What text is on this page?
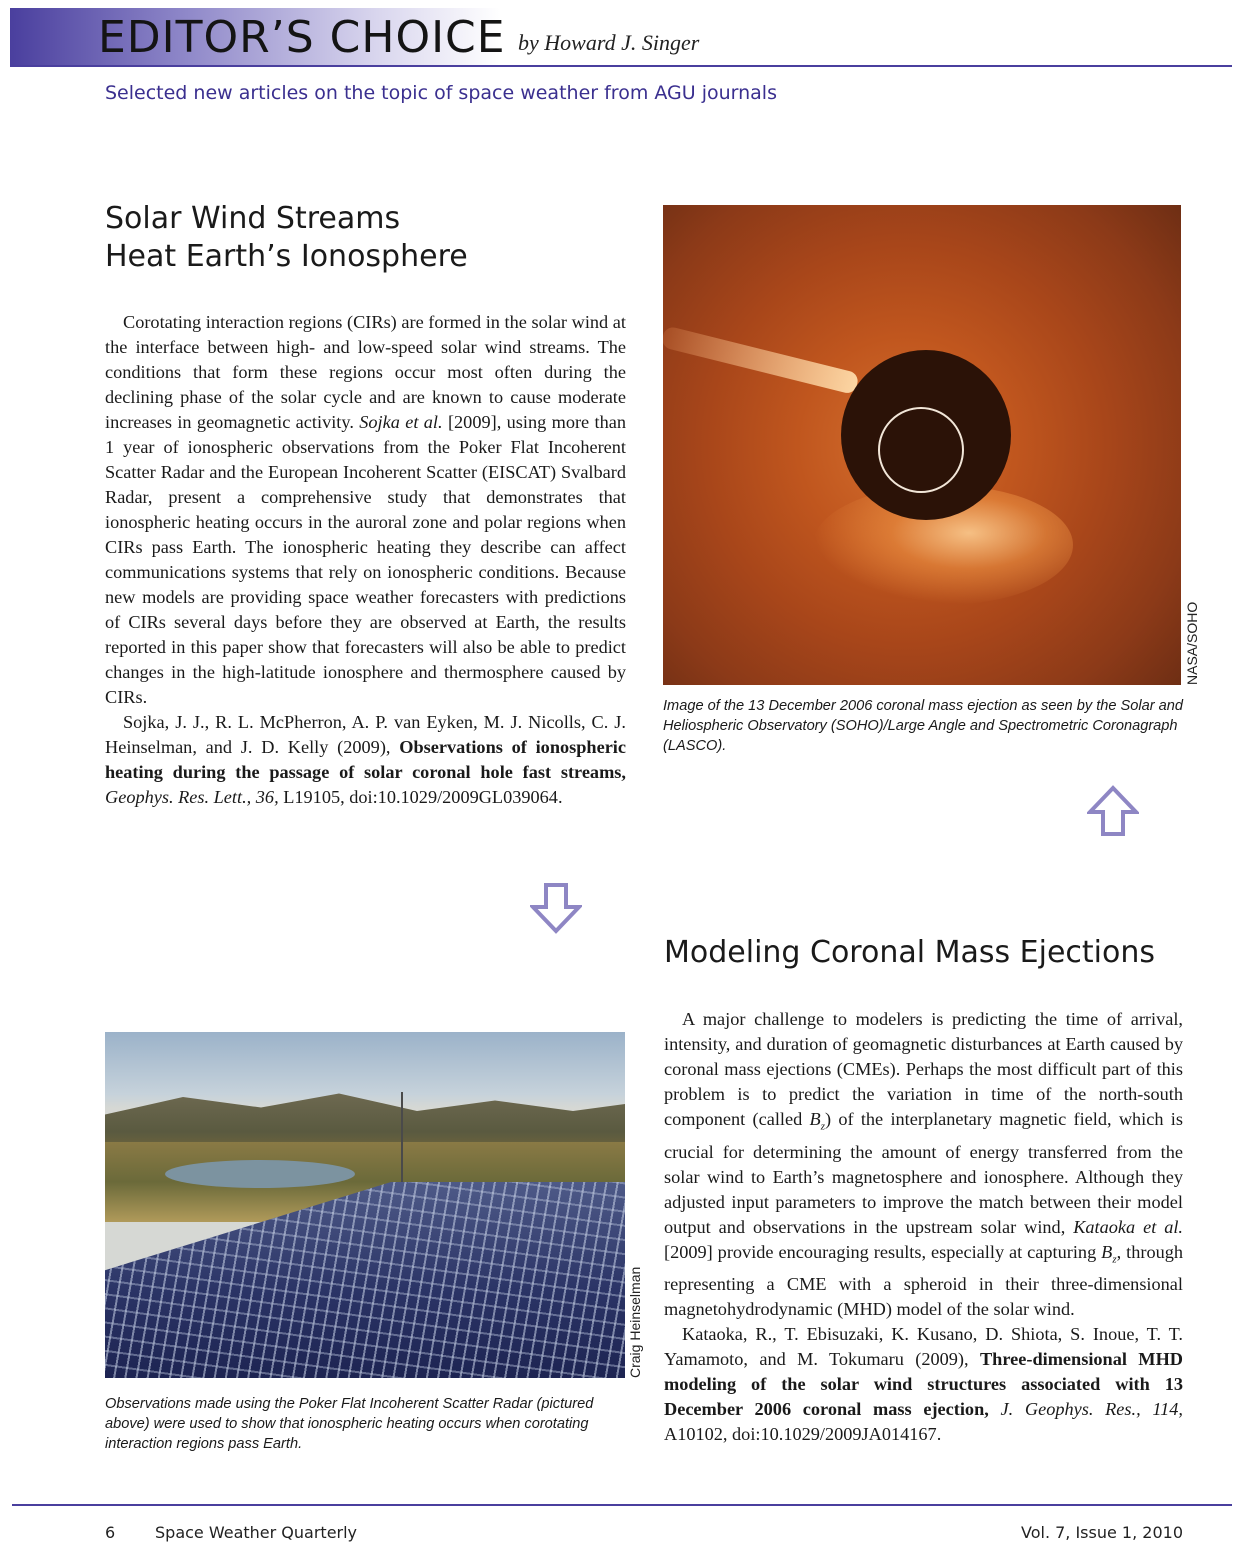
EDITOR’S CHOICE by Howard J. Singer
Selected new articles on the topic of space weather from AGU journals
Solar Wind Streams
Heat Earth’s Ionosphere

Corotating interaction regions (CIRs) are formed in the solar wind at the interface between high- and low-speed solar wind streams. The conditions that form these regions occur most often during the declining phase of the solar cycle and are known to cause moderate increases in geomagnetic activity. Sojka et al. [2009], using more than 1 year of ionospheric observations from the Poker Flat Incoherent Scatter Radar and the European Incoherent Scatter (EISCAT) Svalbard Radar, present a comprehensive study that demonstrates that ionospheric heating occurs in the auroral zone and polar regions when CIRs pass Earth. The ionospheric heating they describe can affect communications systems that rely on ionospheric conditions. Because new models are providing space weather forecasters with predictions of CIRs several days before they are observed at Earth, the results reported in this paper show that forecasters will also be able to predict changes in the high-latitude ionosphere and thermosphere caused by CIRs.

Sojka, J. J., R. L. McPherron, A. P. van Eyken, M. J. Nicolls, C. J. Heinselman, and J. D. Kelly (2009), Observations of ionospheric heating during the passage of solar coronal hole fast streams, Geophys. Res. Lett., 36, L19105, doi:10.1029/2009GL039064.

NASA/SOHO
Image of the 13 December 2006 coronal mass ejection as seen by the Solar and Heliospheric Observatory (SOHO)/Large Angle and Spectrometric Coronagraph (LASCO).
Craig Heinselman
Observations made using the Poker Flat Incoherent Scatter Radar (pictured above) were used to show that ionospheric heating occurs when corotating interaction regions pass Earth.
Modeling Coronal Mass Ejections

A major challenge to modelers is predicting the time of arrival, intensity, and duration of geomagnetic disturbances at Earth caused by coronal mass ejections (CMEs). Perhaps the most difficult part of this problem is to predict the variation in time of the north-south component (called $B_z$) of the interplanetary magnetic field, which is crucial for determining the amount of energy transferred from the solar wind to Earth’s magnetosphere and ionosphere. Although they adjusted input parameters to improve the match between their model output and observations in the upstream solar wind, Kataoka et al. [2009] provide encouraging results, especially at capturing $B_z$, through representing a CME with a spheroid in their three-dimensional magnetohydrodynamic (MHD) model of the solar wind.

Kataoka, R., T. Ebisuzaki, K. Kusano, D. Shiota, S. Inoue, T. T. Yamamoto, and M. Tokumaru (2009), Three-dimensional MHD modeling of the solar wind structures associated with 13 December 2006 coronal mass ejection, J. Geophys. Res., 114, A10102, doi:10.1029/2009JA014167.

6 Space Weather Quarterly	Vol. 7, Issue 1, 2010
